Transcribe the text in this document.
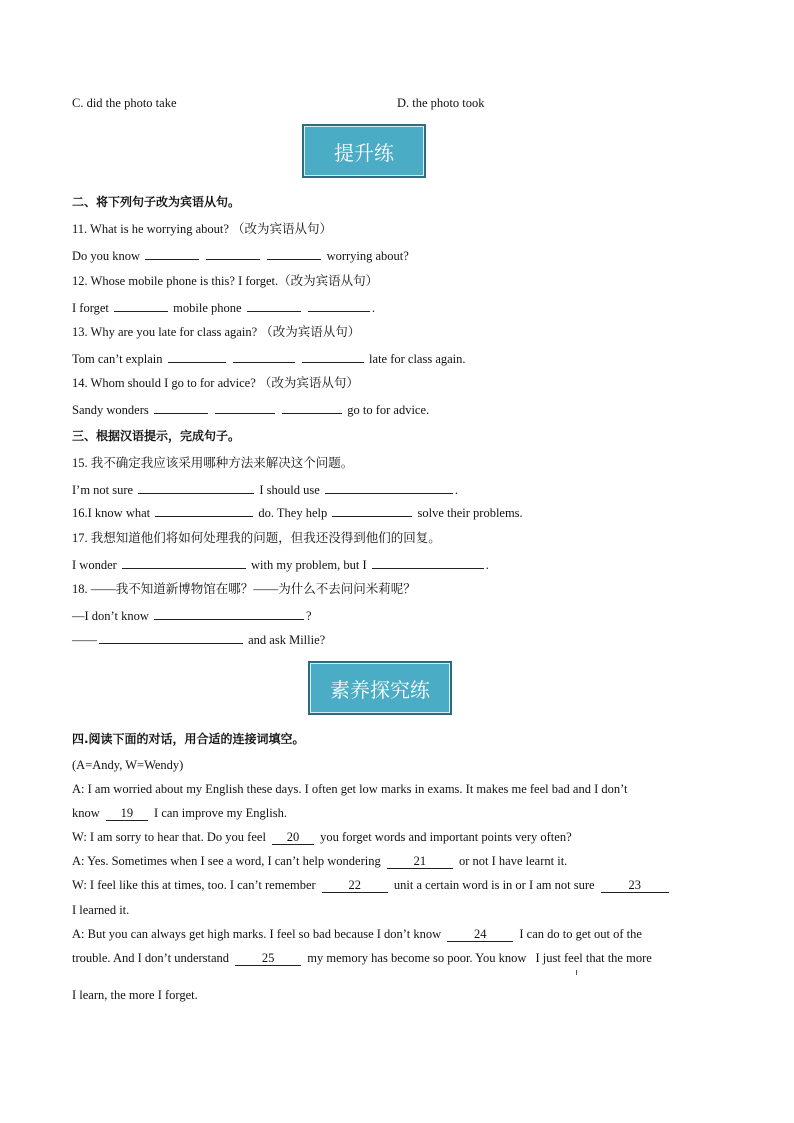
C. did the photo take	D. the photo took
提升练
二、将下列句子改为宾语从句。
11. What is he worrying about? （改为宾语从句）
Do you know	worrying about?
12. Whose mobile phone is this? I forget.（改为宾语从句）
I forget	mobile phone	.
13. Why are you late for class again? （改为宾语从句）
Tom can’t explain	late for class again.
14. Whom should I go to for advice? （改为宾语从句）
Sandy wonders	go to for advice.
三、根据汉语提示，完成句子。
15. 我不确定我应该采用哪种方法来解决这个问题。
I’m not sure	I should use	.
16.I know what	do. They help	solve their problems.
17. 我想知道他们将如何处理我的问题，但我还没得到他们的回复。
I wonder	with my problem, but I	.
18. ——我不知道新博物馆在哪？——为什么不去问问米莉呢？
—I don’t know	?
——	and ask Millie?
素养探究练
四.阅读下面的对话，用合适的连接词填空。
(A=Andy, W=Wendy)
A: I am worried about my English these days. I often get low marks in exams. It makes me feel bad and I don’t
know 19 I can improve my English.
W: I am sorry to hear that. Do you feel 20 you forget words and important points very often?
A: Yes. Sometimes when I see a word, I can’t help wondering	21	or not I have learnt it.
W: I feel like this at times, too. I can’t remember	22	unit a certain word is in or I am not sure	23
I learned it.
A: But you can always get high marks. I feel so bad because I don’t know	24	I can do to get out of the
trouble. And I don’t understand	25	my memory has become so poor. You know I just feel that the more
I learn, the more I forget.
